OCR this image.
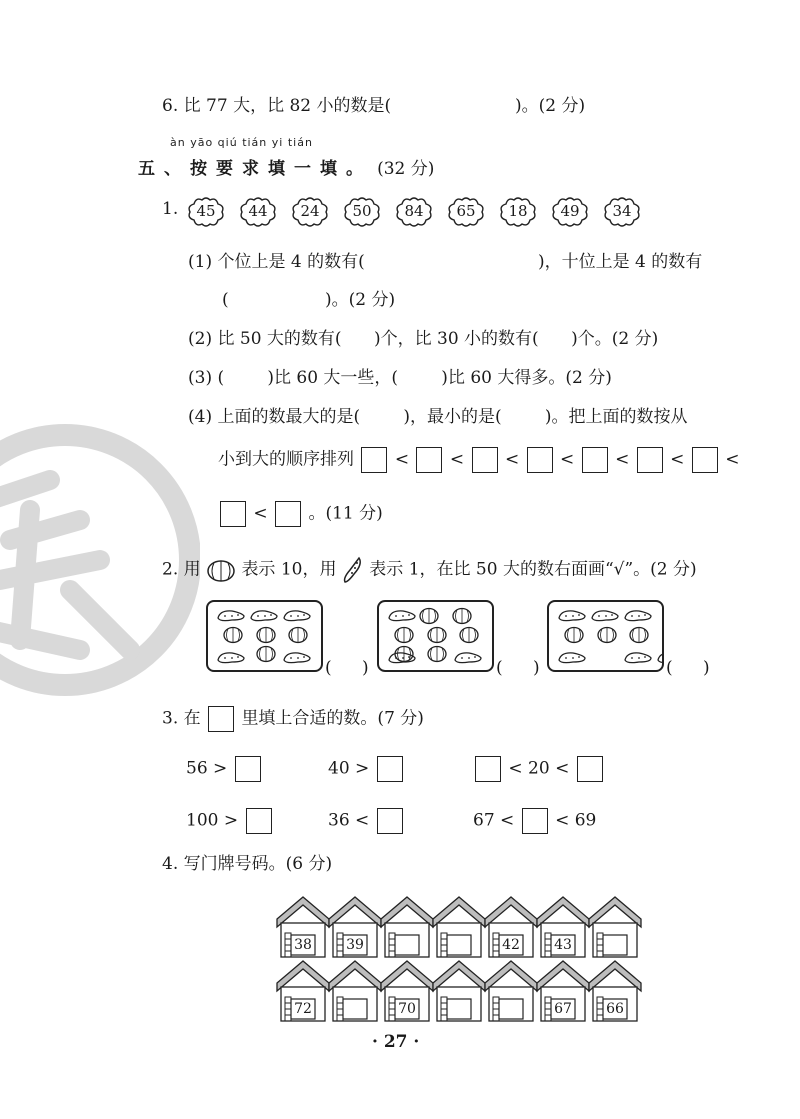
6. 比 77 大，比 82 小的数是(	)。(2 分)
àn yāo qiú tián yi tián
五、按要求填一填。 (32 分)
1.	45	44	24	50	84	65	18	49	34
(1) 个位上是 4 的数有(	)，十位上是 4 的数有
(	)。(2 分)
(2) 比 50 大的数有(      )个，比 30 小的数有(      )个。(2 分)
(3) (        )比 60 大一些，(        )比 60 大得多。(2 分)
(4) 上面的数最大的是(        )，最小的是(        )。把上面的数按从
小到大的顺序排列 < < < < < < <
< 。(11 分)
2. 用 表示 10，用 表示 1，在比 50 大的数右面画“√”。(2 分)
( )	( )	( )
3. 在 里填上合适的数。(7 分)
56 >	40 >	< 20 <
100 >	36 <	67 < < 69
4. 写门牌号码。(6 分)
38 39	42 43
72	70	67 66
· 27 ·
